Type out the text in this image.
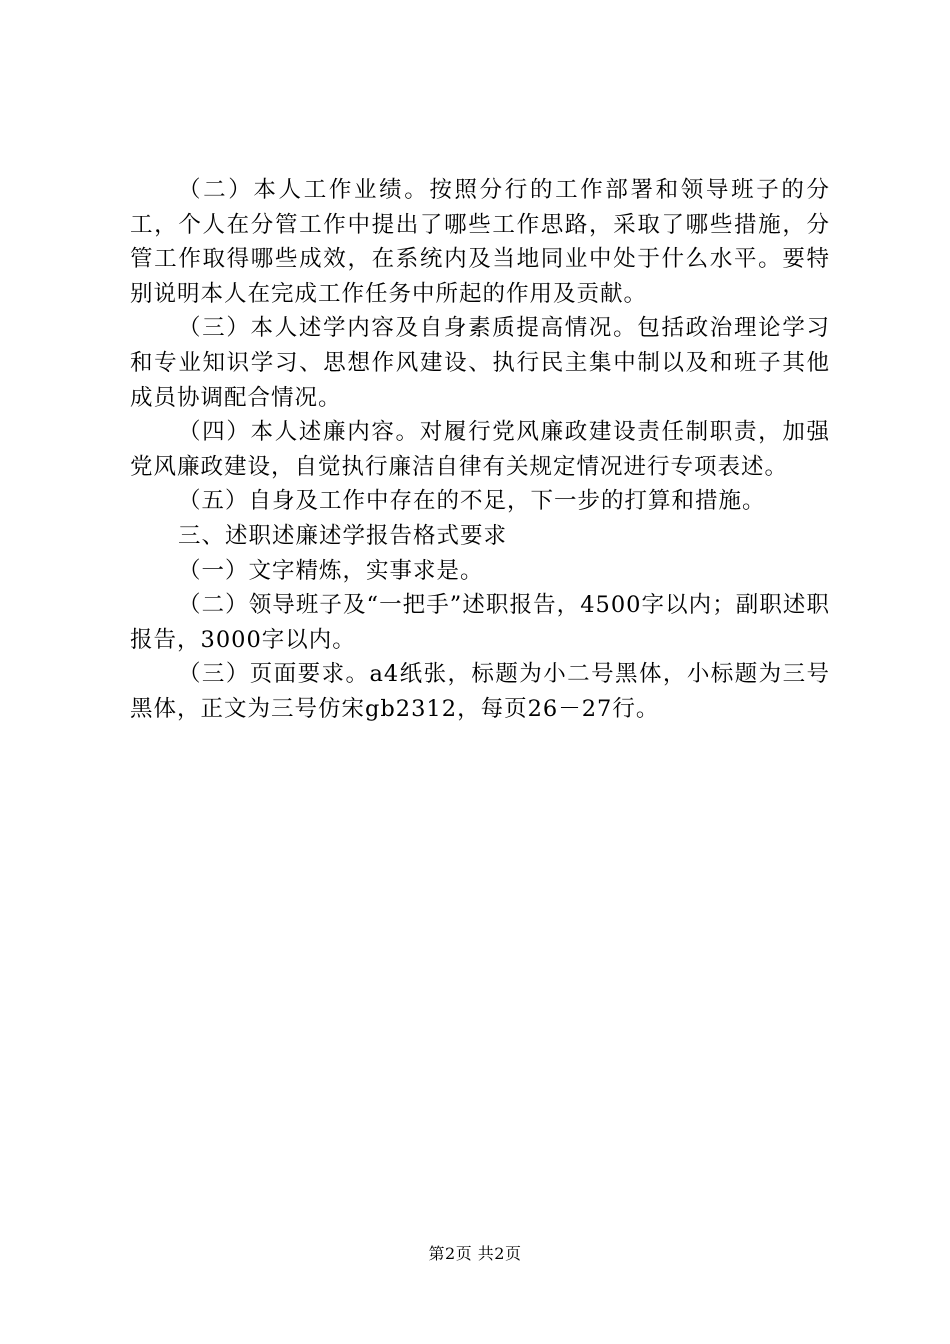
（二）本人工作业绩。按照分行的工作部署和领导班子的分工，个人在分管工作中提出了哪些工作思路，采取了哪些措施，分管工作取得哪些成效，在系统内及当地同业中处于什么水平。要特别说明本人在完成工作任务中所起的作用及贡献。

（三）本人述学内容及自身素质提高情况。包括政治理论学习和专业知识学习、思想作风建设、执行民主集中制以及和班子其他成员协调配合情况。

（四）本人述廉内容。对履行党风廉政建设责任制职责，加强党风廉政建设，自觉执行廉洁自律有关规定情况进行专项表述。

（五）自身及工作中存在的不足，下一步的打算和措施。

三、述职述廉述学报告格式要求

（一）文字精炼，实事求是。

（二）领导班子及“一把手”述职报告，4500字以内；副职述职报告，3000字以内。

（三）页面要求。a4纸张，标题为小二号黑体，小标题为三号黑体，正文为三号仿宋gb2312，每页26－27行。

第2页 共2页
